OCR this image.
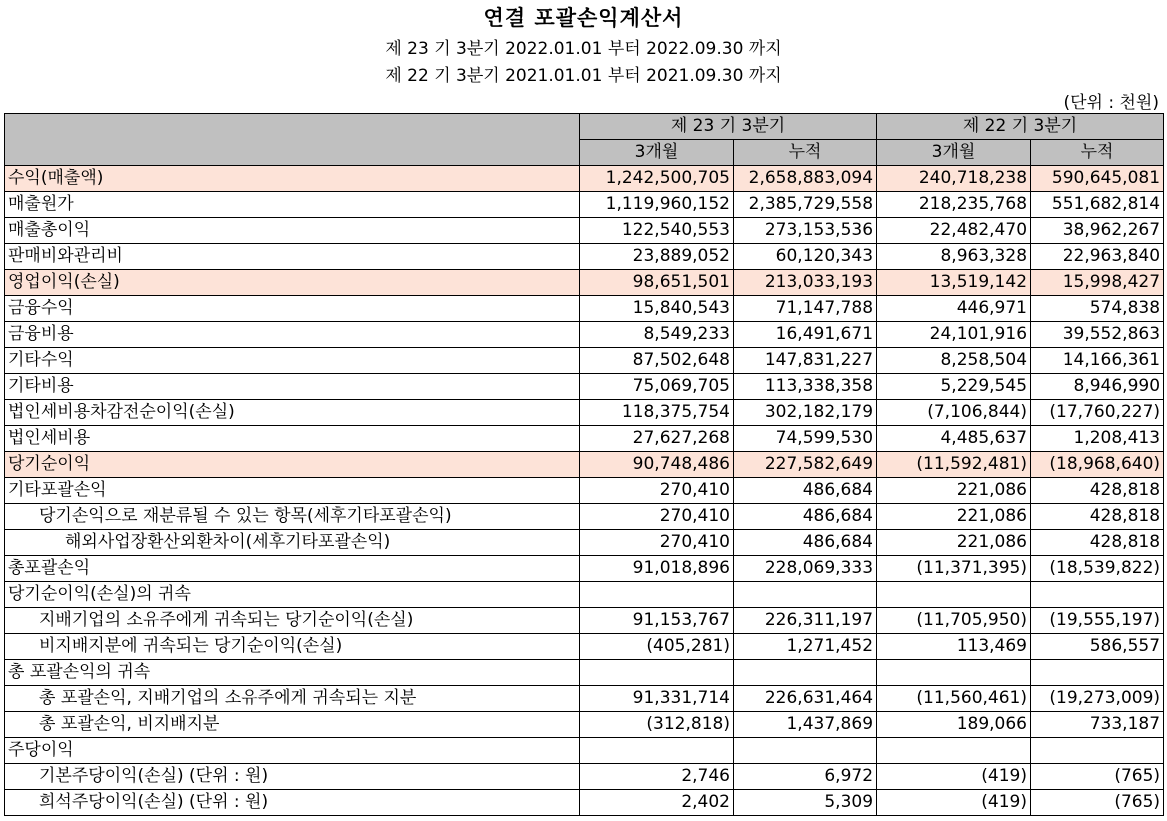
연결 포괄손익계산서
제 23 기 3분기 2022.01.01 부터 2022.09.30 까지
제 22 기 3분기 2021.01.01 부터 2021.09.30 까지
(단위 : 천원)
	제 23 기 3분기		제 22 기 3분기	
	3개월	누적	3개월	누적
수익(매출액)	1,242,500,705	2,658,883,094	240,718,238	590,645,081
매출원가	1,119,960,152	2,385,729,558	218,235,768	551,682,814
매출총이익	122,540,553	273,153,536	22,482,470	38,962,267
판매비와관리비	23,889,052	60,120,343	8,963,328	22,963,840
영업이익(손실)	98,651,501	213,033,193	13,519,142	15,998,427
금융수익	15,840,543	71,147,788	446,971	574,838
금융비용	8,549,233	16,491,671	24,101,916	39,552,863
기타수익	87,502,648	147,831,227	8,258,504	14,166,361
기타비용	75,069,705	113,338,358	5,229,545	8,946,990
법인세비용차감전순이익(손실)	118,375,754	302,182,179	(7,106,844)	(17,760,227)
법인세비용	27,627,268	74,599,530	4,485,637	1,208,413
당기순이익	90,748,486	227,582,649	(11,592,481)	(18,968,640)
기타포괄손익	270,410	486,684	221,086	428,818
당기손익으로 재분류될 수 있는 항목(세후기타포괄손익)	270,410	486,684	221,086	428,818
해외사업장환산외환차이(세후기타포괄손익)	270,410	486,684	221,086	428,818
총포괄손익	91,018,896	228,069,333	(11,371,395)	(18,539,822)
당기순이익(손실)의 귀속				
지배기업의 소유주에게 귀속되는 당기순이익(손실)	91,153,767	226,311,197	(11,705,950)	(19,555,197)
비지배지분에 귀속되는 당기순이익(손실)	(405,281)	1,271,452	113,469	586,557
총 포괄손익의 귀속				
총 포괄손익, 지배기업의 소유주에게 귀속되는 지분	91,331,714	226,631,464	(11,560,461)	(19,273,009)
총 포괄손익, 비지배지분	(312,818)	1,437,869	189,066	733,187
주당이익				
기본주당이익(손실) (단위 : 원)	2,746	6,972	(419)	(765)
희석주당이익(손실) (단위 : 원)	2,402	5,309	(419)	(765)
